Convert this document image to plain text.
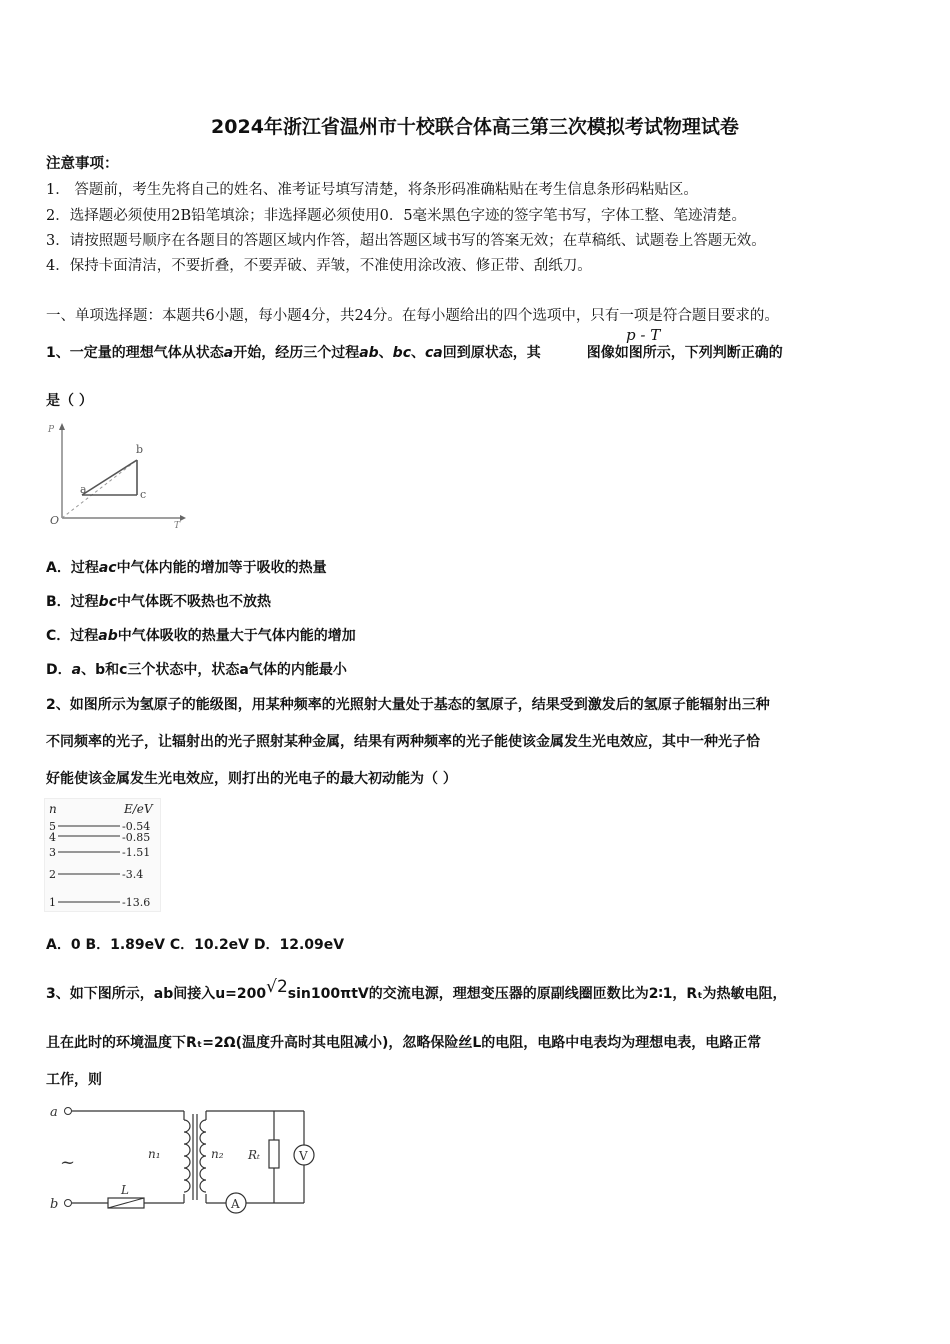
2024年浙江省温州市十校联合体高三第三次模拟考试物理试卷
注意事项：
1． 答题前，考生先将自己的姓名、准考证号填写清楚，将条形码准确粘贴在考生信息条形码粘贴区。
2．选择题必须使用2B铅笔填涂；非选择题必须使用0．5毫米黑色字迹的签字笔书写，字体工整、笔迹清楚。
3．请按照题号顺序在各题目的答题区域内作答，超出答题区域书写的答案无效；在草稿纸、试题卷上答题无效。
4．保持卡面清洁，不要折叠，不要弄破、弄皱，不准使用涂改液、修正带、刮纸刀。
一、单项选择题：本题共6小题，每小题4分，共24分。在每小题给出的四个选项中，只有一项是符合题目要求的。
1、一定量的理想气体从状态a开始，经历三个过程ab、bc、ca回到原状态，其	图像如图所示，下列判断正确的
p - T
是（ ）
P
T
O
a
b
c
A．过程ac中气体内能的增加等于吸收的热量
B．过程bc中气体既不吸热也不放热
C．过程ab中气体吸收的热量大于气体内能的增加
D．a、b和c三个状态中，状态a气体的内能最小
2、如图所示为氢原子的能级图，用某种频率的光照射大量处于基态的氢原子，结果受到激发后的氢原子能辐射出三种
不同频率的光子，让辐射出的光子照射某种金属，结果有两种频率的光子能使该金属发生光电效应，其中一种光子恰
好能使该金属发生光电效应，则打出的光电子的最大初动能为（ ）
n	E/eV
5	-0.54
4	-0.85
3	-1.51
2	-3.4
1	-13.6
A．0 B．1.89eV C．10.2eV D．12.09eV
3、如下图所示，ab间接入u=200√2sin100πtV的交流电源，理想变压器的原副线圈匝数比为2∶1，Rₜ为热敏电阻，
且在此时的环境温度下Rₜ=2Ω(温度升高时其电阻减小)，忽略保险丝L的电阻，电路中电表均为理想电表，电路正常
工作，则
a
b
~
L
n₁	n₂
A
Rₜ	V
